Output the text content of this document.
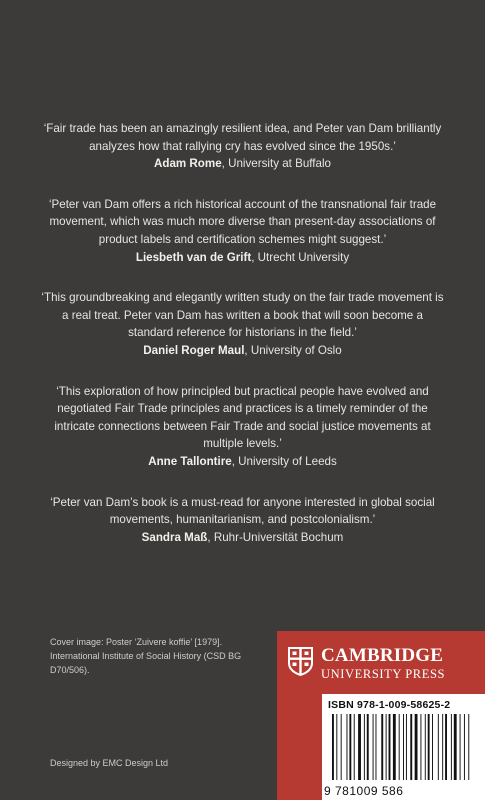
‘Fair trade has been an amazingly resilient idea, and Peter van Dam brilliantly analyzes how that rallying cry has evolved since the 1950s.’
Adam Rome, University at Buffalo
‘Peter van Dam offers a rich historical account of the transnational fair trade movement, which was much more diverse than present-day associations of product labels and certification schemes might suggest.’
Liesbeth van de Grift, Utrecht University
‘This groundbreaking and elegantly written study on the fair trade movement is a real treat. Peter van Dam has written a book that will soon become a standard reference for historians in the field.’
Daniel Roger Maul, University of Oslo
‘This exploration of how principled but practical people have evolved and negotiated Fair Trade principles and practices is a timely reminder of the intricate connections between Fair Trade and social justice movements at multiple levels.’
Anne Tallontire, University of Leeds
‘Peter van Dam’s book is a must-read for anyone interested in global social movements, humanitarianism, and postcolonialism.’
Sandra Maß, Ruhr-Universität Bochum
Cover image: Poster ‘Zuivere koffie’ [1979]. International Institute of Social History (CSD BG D70/506).
Designed by EMC Design Ltd
CAMBRIDGE
UNIVERSITY PRESS
ISBN 978-1-009-58625-2
9 781009 586
